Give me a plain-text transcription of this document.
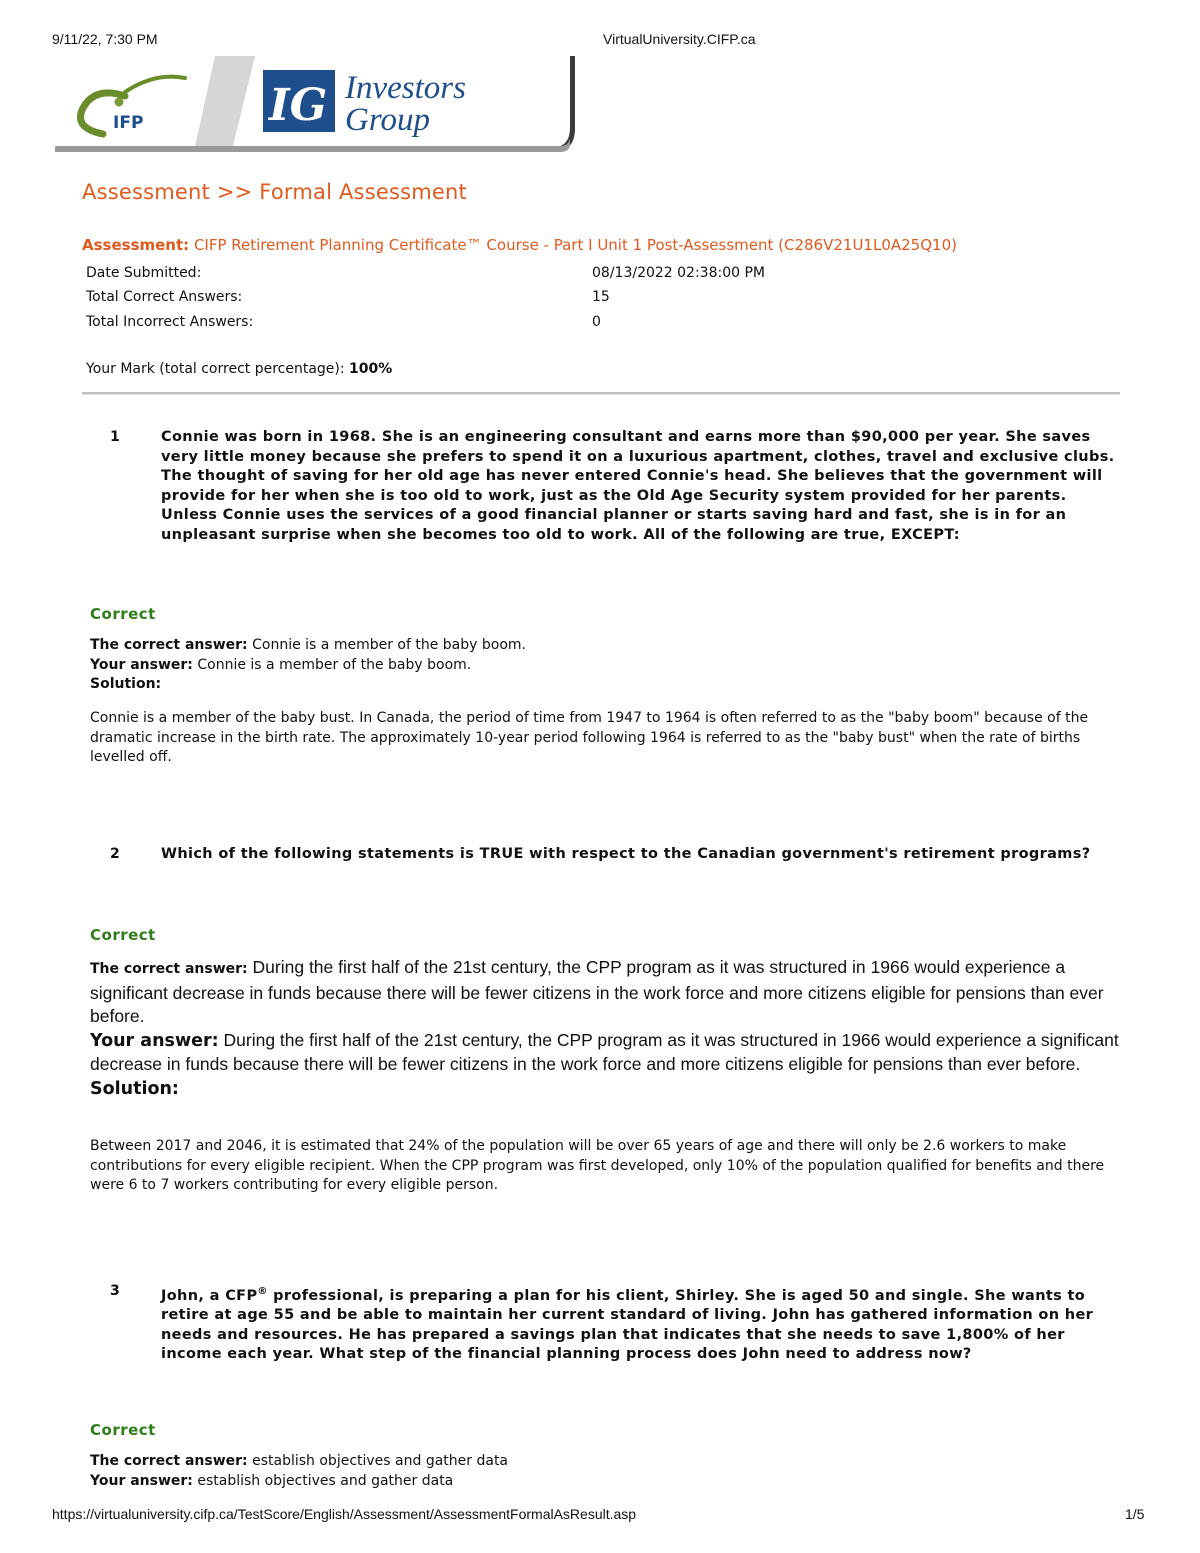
9/11/22, 7:30 PM	VirtualUniversity.CIFP.ca
IFP	IG Investors
Group
Assessment >> Formal Assessment
Assessment: CIFP Retirement Planning Certificate™ Course - Part I Unit 1 Post-Assessment (C286V21U1L0A25Q10)
Date Submitted:	08/13/2022 02:38:00 PM
Total Correct Answers:	15
Total Incorrect Answers:	0
Your Mark (total correct percentage): 100%
1	Connie was born in 1968. She is an engineering consultant and earns more than $90,000 per year. She saves very little money because she prefers to spend it on a luxurious apartment, clothes, travel and exclusive clubs. The thought of saving for her old age has never entered Connie's head. She believes that the government will provide for her when she is too old to work, just as the Old Age Security system provided for her parents. Unless Connie uses the services of a good financial planner or starts saving hard and fast, she is in for an unpleasant surprise when she becomes too old to work. All of the following are true, EXCEPT:
Correct
The correct answer: Connie is a member of the baby boom.
Your answer: Connie is a member of the baby boom.
Solution:
Connie is a member of the baby bust. In Canada, the period of time from 1947 to 1964 is often referred to as the "baby boom" because of the dramatic increase in the birth rate. The approximately 10-year period following 1964 is referred to as the "baby bust" when the rate of births levelled off.
2	Which of the following statements is TRUE with respect to the Canadian government's retirement programs?
Correct
The correct answer: During the first half of the 21st century, the CPP program as it was structured in 1966 would experience a significant decrease in funds because there will be fewer citizens in the work force and more citizens eligible for pensions than ever before.
Your answer: During the first half of the 21st century, the CPP program as it was structured in 1966 would experience a significant decrease in funds because there will be fewer citizens in the work force and more citizens eligible for pensions than ever before.
Solution:
Between 2017 and 2046, it is estimated that 24% of the population will be over 65 years of age and there will only be 2.6 workers to make contributions for every eligible recipient. When the CPP program was first developed, only 10% of the population qualified for benefits and there were 6 to 7 workers contributing for every eligible person.
3	John, a CFP® professional, is preparing a plan for his client, Shirley. She is aged 50 and single. She wants to retire at age 55 and be able to maintain her current standard of living. John has gathered information on her needs and resources. He has prepared a savings plan that indicates that she needs to save 1,800% of her income each year. What step of the financial planning process does John need to address now?
Correct
The correct answer: establish objectives and gather data
Your answer: establish objectives and gather data
https://virtualuniversity.cifp.ca/TestScore/English/Assessment/AssessmentFormalAsResult.asp	1/5
